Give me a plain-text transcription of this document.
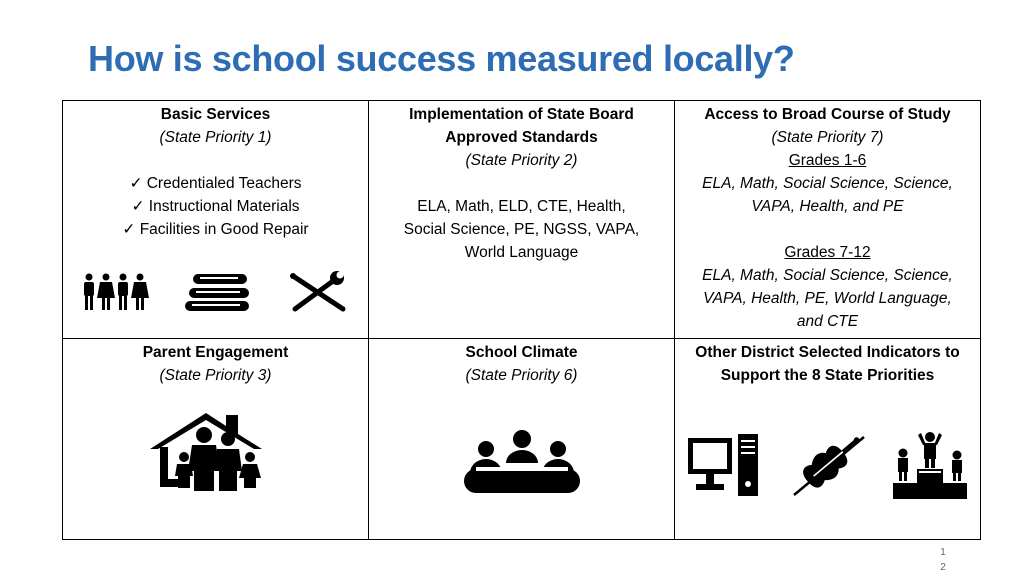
How is school success measured locally?
Basic Services
(State Priority 1)
✓ Credentialed Teachers
✓ Instructional Materials
✓ Facilities in Good Repair
Implementation of State Board
Approved Standards
(State Priority 2)
ELA, Math, ELD, CTE, Health,
Social Science, PE, NGSS, VAPA,
World Language
Access to Broad Course of Study
(State Priority 7)
Grades 1-6
ELA, Math, Social Science, Science,
VAPA, Health, and PE
Grades 7-12
ELA, Math, Social Science, Science,
VAPA, Health, PE, World Language,
and CTE
Parent Engagement
(State Priority 3)
School Climate
(State Priority 6)
Other District Selected Indicators to
Support the 8 State Priorities
1
2
